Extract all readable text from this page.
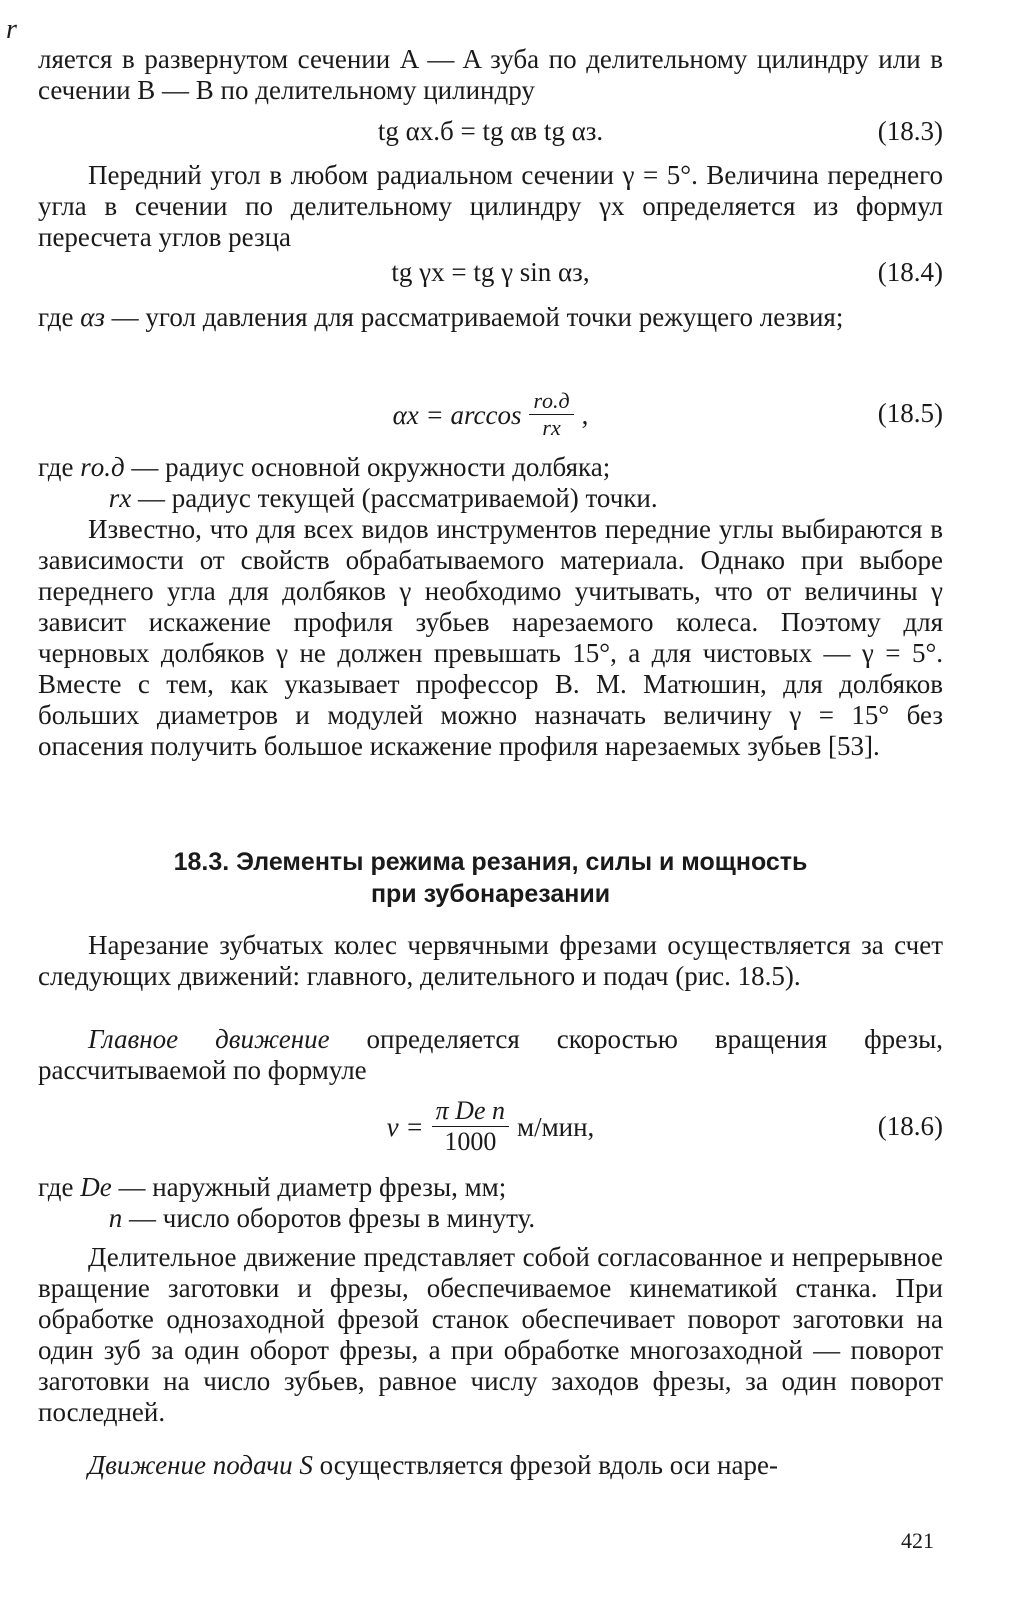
r
ляется в развернутом сечении A — A зуба по делительному цилиндру или в сечении B — B по делительному цилиндру
tg αх.б = tg αв tg αз.	(18.3)
Передний угол в любом радиальном сечении γ = 5°. Величина переднего угла в сечении по делительному цилиндру γx определяется из формул пересчета углов резца
tg γx = tg γ sin αз,	(18.4)
где αз — угол давления для рассматриваемой точки режущего лезвия;
$\alpha x = \arccos \frac{rо.д}{rx}$ ,	(18.5)
где rо.д — радиус основной окружности долбяка;
rx — радиус текущей (рассматриваемой) точки.
Известно, что для всех видов инструментов передние углы выбираются в зависимости от свойств обрабатываемого материала. Однако при выборе переднего угла для долбяков γ необходимо учитывать, что от величины γ зависит искажение профиля зубьев нарезаемого колеса. Поэтому для черновых долбяков γ не должен превышать 15°, а для чистовых — γ = 5°. Вместе с тем, как указывает профессор В. М. Матюшин, для долбяков больших диаметров и модулей можно назначать величину γ = 15° без опасения получить большое искажение профиля нарезаемых зубьев [53].
18.3. Элементы режима резания, силы и мощность
при зубонарезании
Нарезание зубчатых колес червячными фрезами осуществляется за счет следующих движений: главного, делительного и подач (рис. 18.5).
Главное движение определяется скоростью вращения фрезы, рассчитываемой по формуле
$v = \frac{\text{π Dе n}}{1000} м/мин$,	(18.6)
где Dе — наружный диаметр фрезы, мм;
n — число оборотов фрезы в минуту.
Делительное движение представляет собой согласованное и непрерывное вращение заготовки и фрезы, обеспечиваемое кинематикой станка. При обработке однозаходной фрезой станок обеспечивает поворот заготовки на один зуб за один оборот фрезы, а при обработке многозаходной — поворот заготовки на число зубьев, равное числу заходов фрезы, за один поворот последней.
Движение подачи S осуществляется фрезой вдоль оси наре-
421
